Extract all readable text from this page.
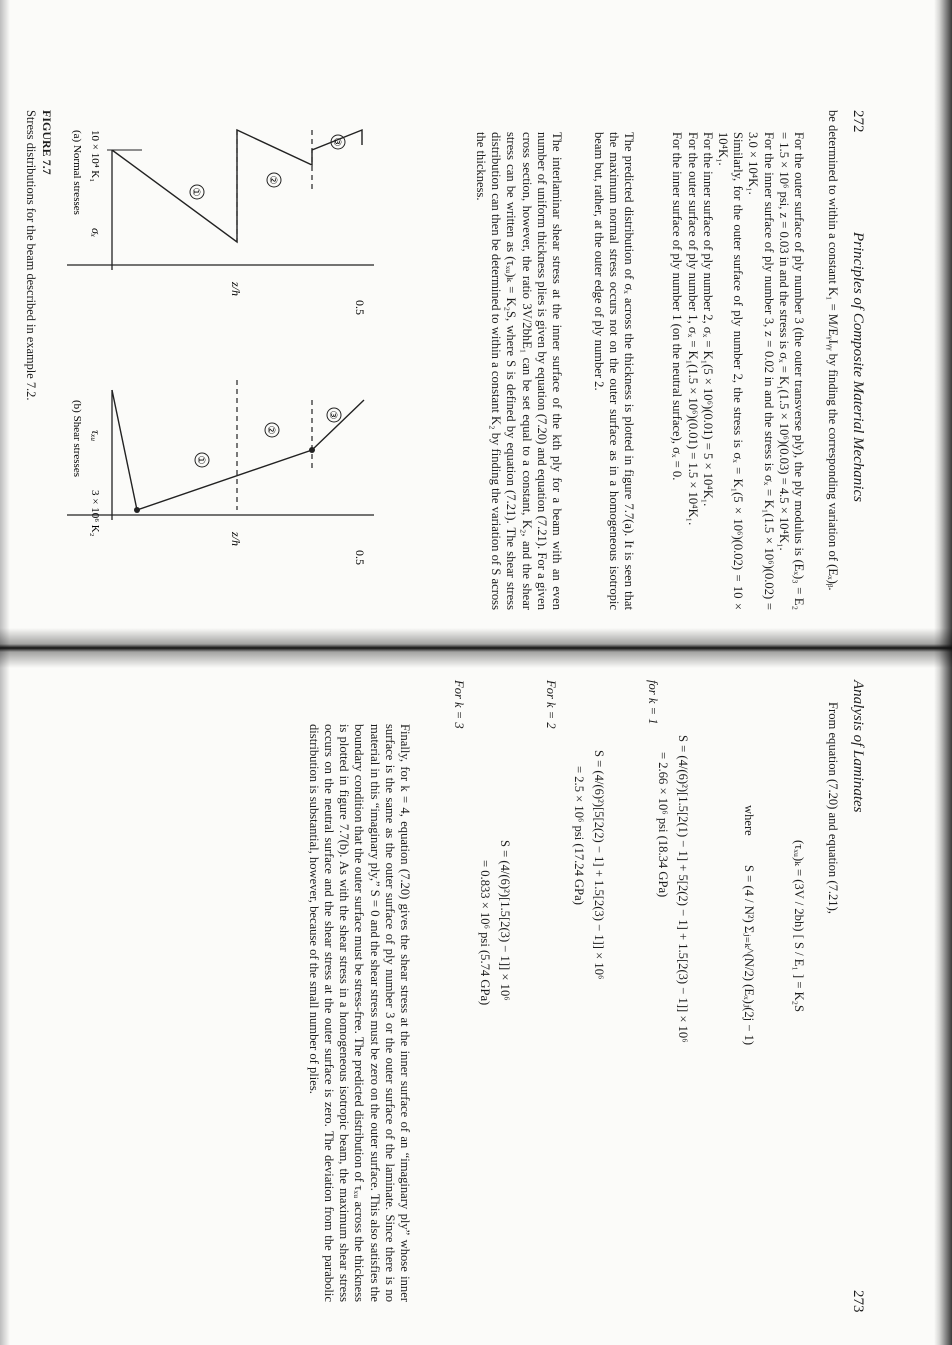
272
Principles of Composite Material Mechanics

be determined to within a constant K₁ = M/EᵧIᵧᵧ by finding the corresponding variation of (Eₓ)ᵦ.

For the outer surface of ply number 3 (the outer transverse ply), the ply modulus is (Eₓ)₃ = E₂ = 1.5 × 10⁶ psi, z = 0.03 in and the stress is σₓ = K₁(1.5 × 10⁶)(0.03) = 4.5 × 10⁴K₁.

For the inner surface of ply number 3, z = 0.02 in and the stress is σₓ = K₁(1.5 × 10⁶)(0.02) = 3.0 × 10⁴K₁.

Similarly, for the outer surface of ply number 2, the stress is σₓ = K₁(5 × 10⁶)(0.02) = 10 × 10⁴K₁.

For the inner surface of ply number 2, σₓ = K₁(5 × 10⁶)(0.01) = 5 × 10⁴K₁.

For the outer surface of ply number 1, σₓ = K₁(1.5 × 10⁶)(0.01) = 1.5 × 10⁴K₁.

For the inner surface of ply number 1 (on the neutral surface), σₓ = 0.

The predicted distribution of σₓ across the thickness is plotted in figure 7.7(a). It is seen that the maximum normal stress occurs not on the outer surface as in a homogeneous isotropic beam but, rather, at the outer edge of ply number 2.

The interlaminar shear stress at the inner surface of the kth ply for a beam with an even number of uniform thickness plies is given by equation (7.20) and equation (7.21). For a given cross section, however, the ratio 3V/2bhE₁ can be set equal to a constant, K₂, and the shear stress can be written as (τₓᵤ)ₖ = K₂S, where S is defined by equation (7.21). The shear stress distribution can then be determined to within a constant K₂ by finding the variation of S across the thickness.

①
②
③
0.5
z/h
σₓ
10 × 10⁴ K₁
(a) Normal stresses
①
②
③
0.5
z/h
τₓᵤ
3 × 10⁶ K₂
(b) Shear stresses
FIGURE 7.7
Stress distributions for the beam described in example 7.2.
Analysis of Laminates
273
From equation (7.20) and equation (7.21),
(τₓᵤ)ₖ = (3V / 2bh) [ S / E₁ ] = K₂S
where
S = (4 / N²) Σⱼ₌ₖ^(N/2) (Eₓ)ⱼ(2j − 1)
for k = 1
S = (4/(6)²)[1.5[2(1) − 1] + 5[2(2) − 1] + 1.5[2(3) − 1]] × 10⁶
= 2.66 × 10⁶ psi (18.34 GPa)
For k = 2
S = (4/(6)²)[5[2(2) − 1] + 1.5[2(3) − 1]] × 10⁶
= 2.5 × 10⁶ psi (17.24 GPa)
For k = 3
S = (4/(6)²)[1.5[2(3) − 1]] × 10⁶
= 0.833 × 10⁶ psi (5.74 GPa)

Finally, for k = 4, equation (7.20) gives the shear stress at the inner surface of an “imaginary ply” whose inner surface is the same as the outer surface of ply number 3 or the outer surface of the laminate. Since there is no material in this “imaginary ply,” S = 0 and the shear stress must be zero on the outer surface. This also satisfies the boundary condition that the outer surface must be stress-free. The predicted distribution of τₓᵤ across the thickness is plotted in figure 7.7(b). As with the shear stress in a homogeneous isotropic beam, the maximum shear stress occurs on the neutral surface and the shear stress at the outer surface is zero. The deviation from the parabolic distribution is substantial, however, because of the small number of plies.
